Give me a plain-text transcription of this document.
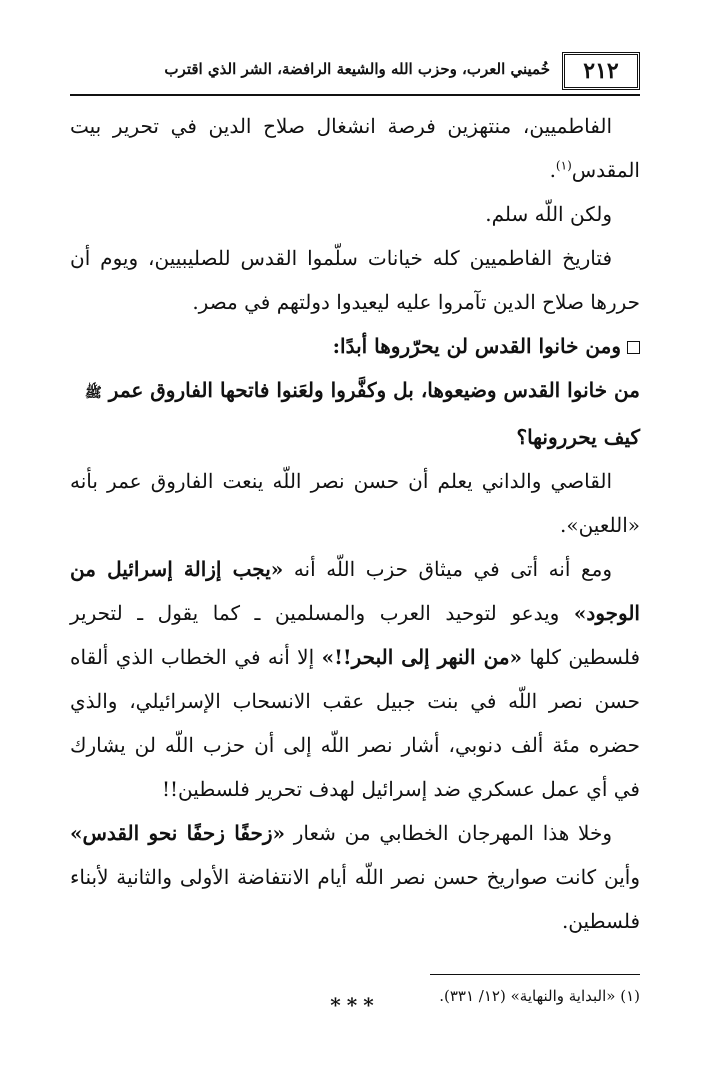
٢١٢
خُميني العرب، وحزب الله والشيعة الرافضة، الشر الذي اقترب

الفاطميين، منتهزين فرصة انشغال صلاح الدين في تحرير بيت المقدس$^{(١)}$.

ولكن اللّه سلم.

فتاريخ الفاطميين كله خيانات سلّموا القدس للصليبيين، ويوم أن حررها صلاح الدين تآمروا عليه ليعيدوا دولتهم في مصر.

ومن خانوا القدس لن يحرّروها أبدًا:

من خانوا القدس وضيعوها، بل وكفَّروا ولعَنوا فاتحها الفاروق عمر ﷺ
كيف يحررونها؟

القاصي والداني يعلم أن حسن نصر اللّه ينعت الفاروق عمر بأنه «اللعين».

ومع أنه أتى في ميثاق حزب اللّه أنه «يجب إزالة إسرائيل من الوجود» ويدعو لتوحيد العرب والمسلمين ـ كما يقول ـ لتحرير فلسطين كلها «من النهر إلى البحر!!» إلا أنه في الخطاب الذي ألقاه حسن نصر اللّه في بنت جبيل عقب الانسحاب الإسرائيلي، والذي حضره مئة ألف دنوبي، أشار نصر اللّه إلى أن حزب اللّه لن يشارك في أي عمل عسكري ضد إسرائيل لهدف تحرير فلسطين!!

وخلا هذا المهرجان الخطابي من شعار «زحفًا زحفًا نحو القدس» وأين كانت صواريخ حسن نصر اللّه أيام الانتفاضة الأولى والثانية لأبناء فلسطين.

***	(١) «البداية والنهاية» (١٢/ ٣٣١).
